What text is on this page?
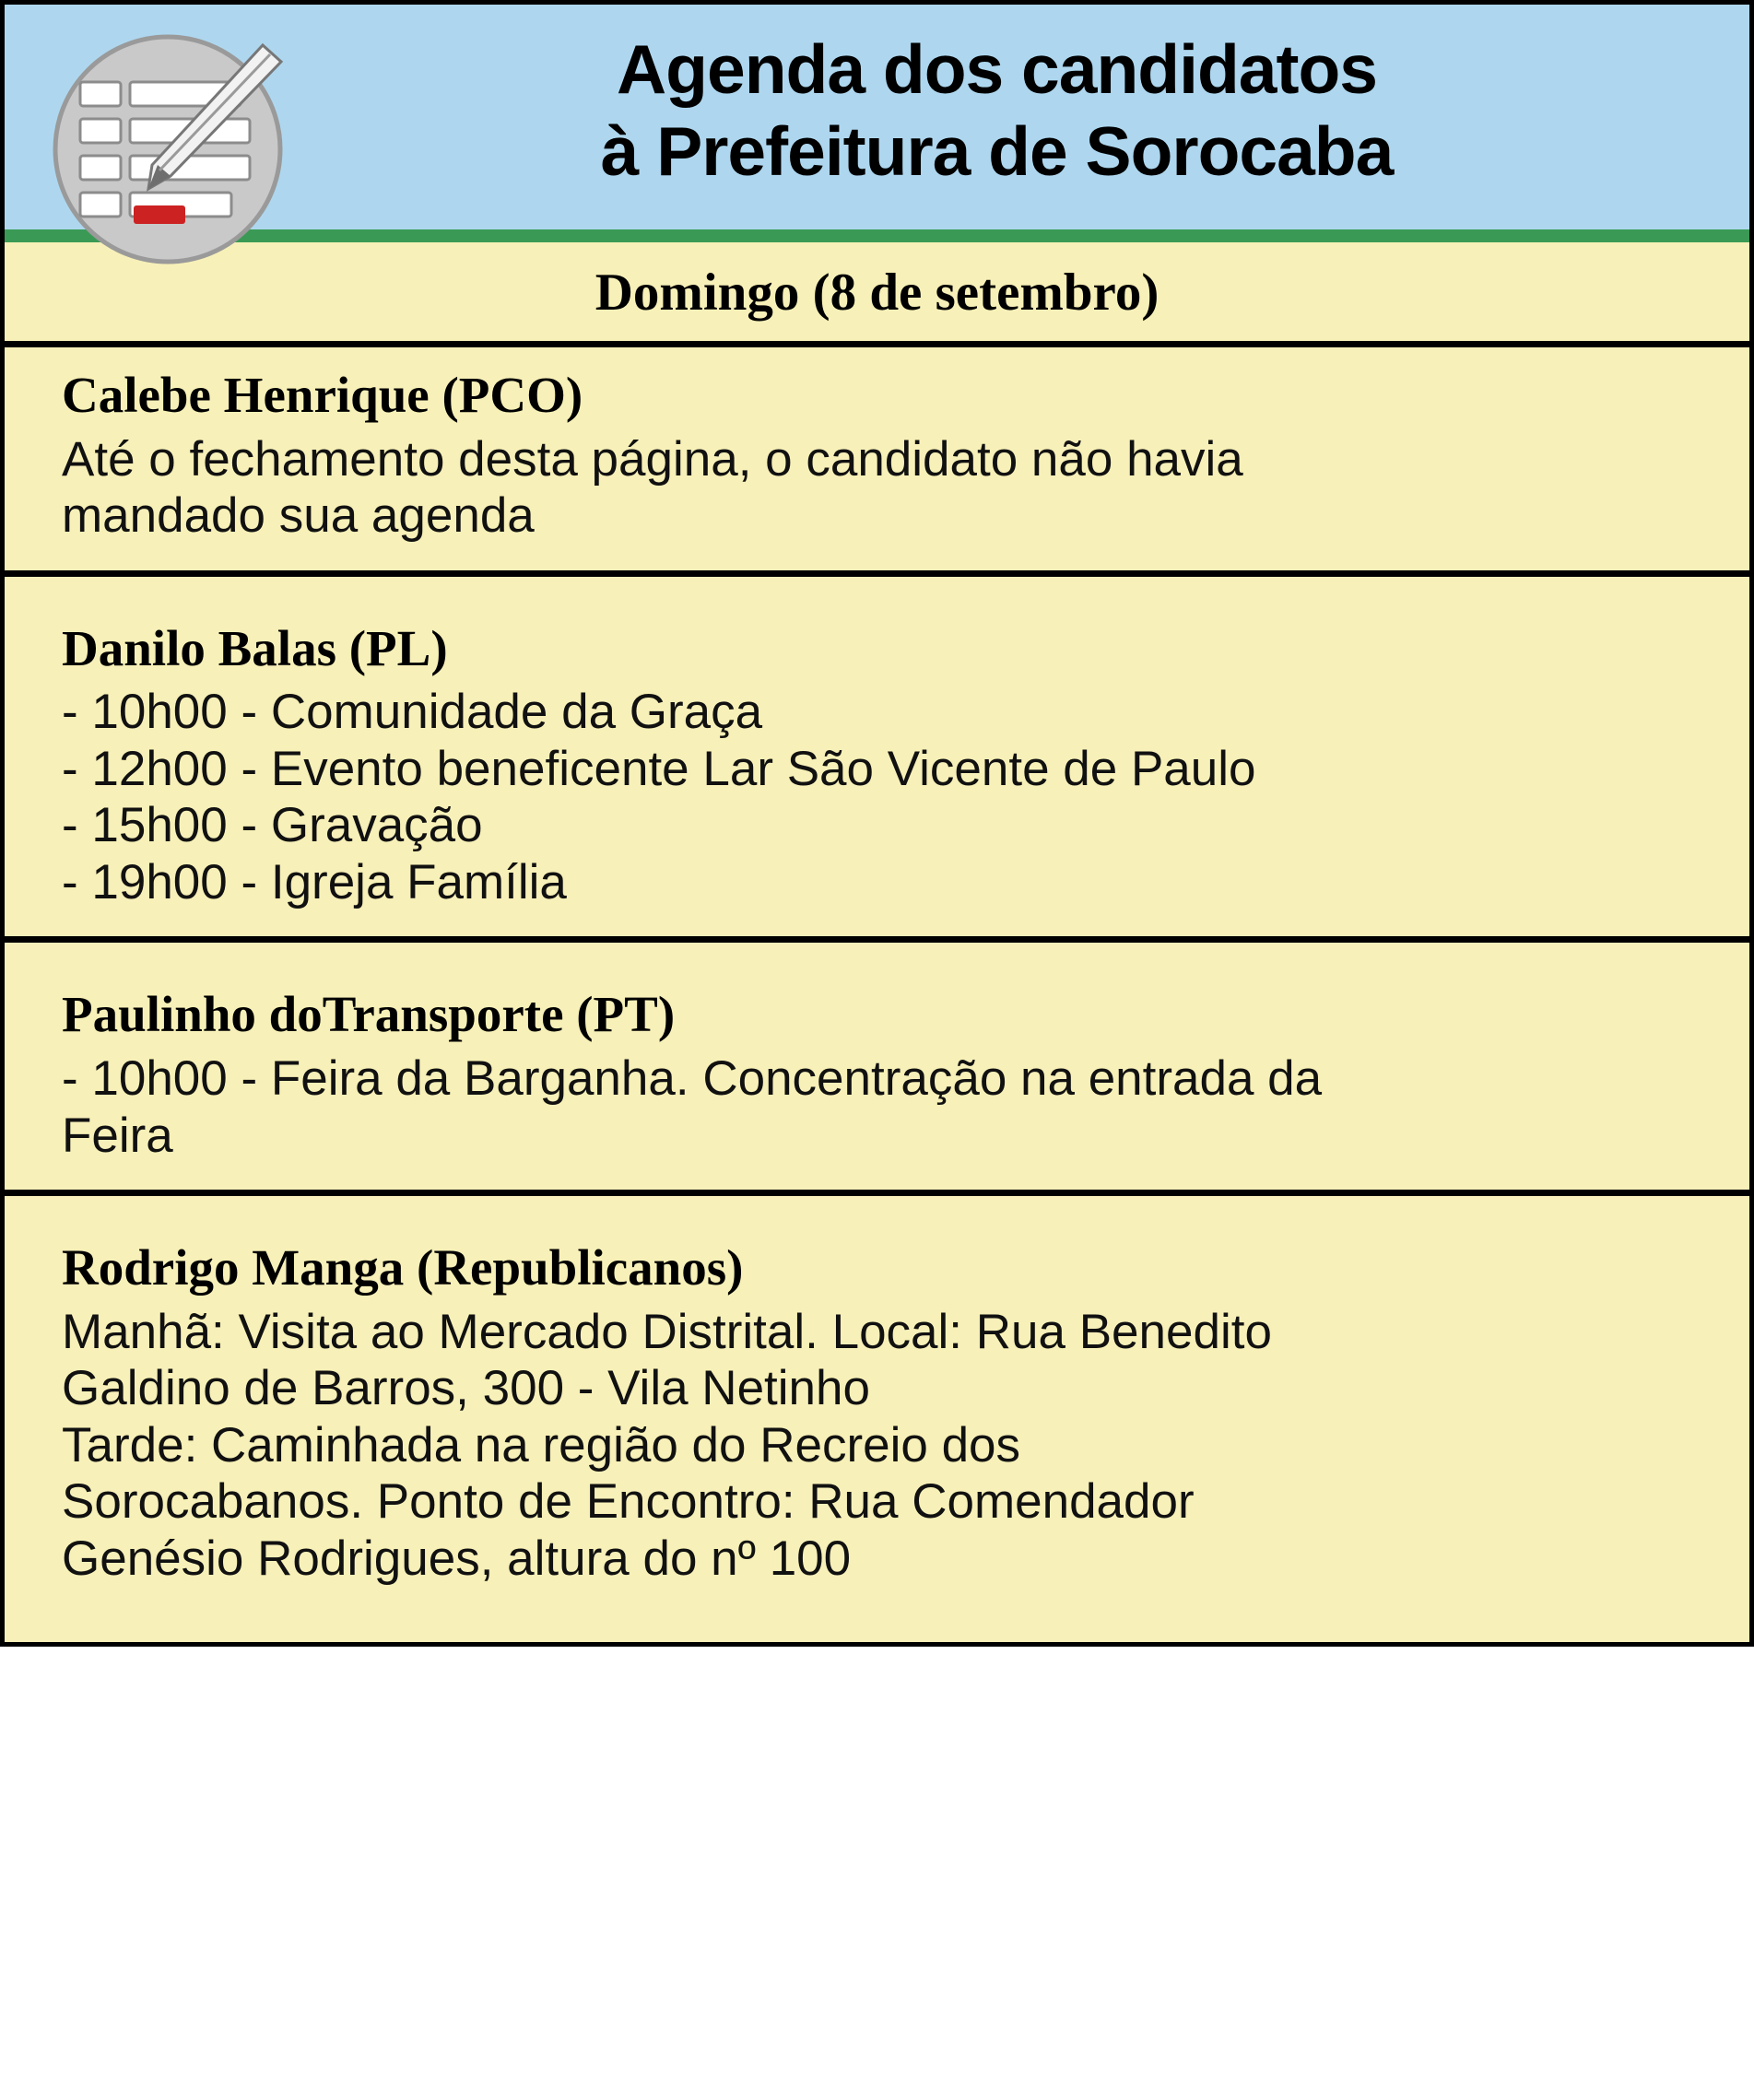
Agenda dos candidatos
à Prefeitura de Sorocaba
Domingo (8 de setembro)
Calebe Henrique (PCO)
Até o fechamento desta página, o candidato não havia
mandado sua agenda
Danilo Balas (PL)
- 10h00 - Comunidade da Graça
- 12h00 - Evento beneficente Lar São Vicente de Paulo
- 15h00 - Gravação
- 19h00 - Igreja Família
Paulinho doTransporte (PT)
- 10h00 - Feira da Barganha. Concentração na entrada da
Feira
Rodrigo Manga (Republicanos)
Manhã: Visita ao Mercado Distrital. Local: Rua Benedito
Galdino de Barros, 300 - Vila Netinho
Tarde: Caminhada na região do Recreio dos
Sorocabanos. Ponto de Encontro: Rua Comendador
Genésio Rodrigues, altura do nº 100
